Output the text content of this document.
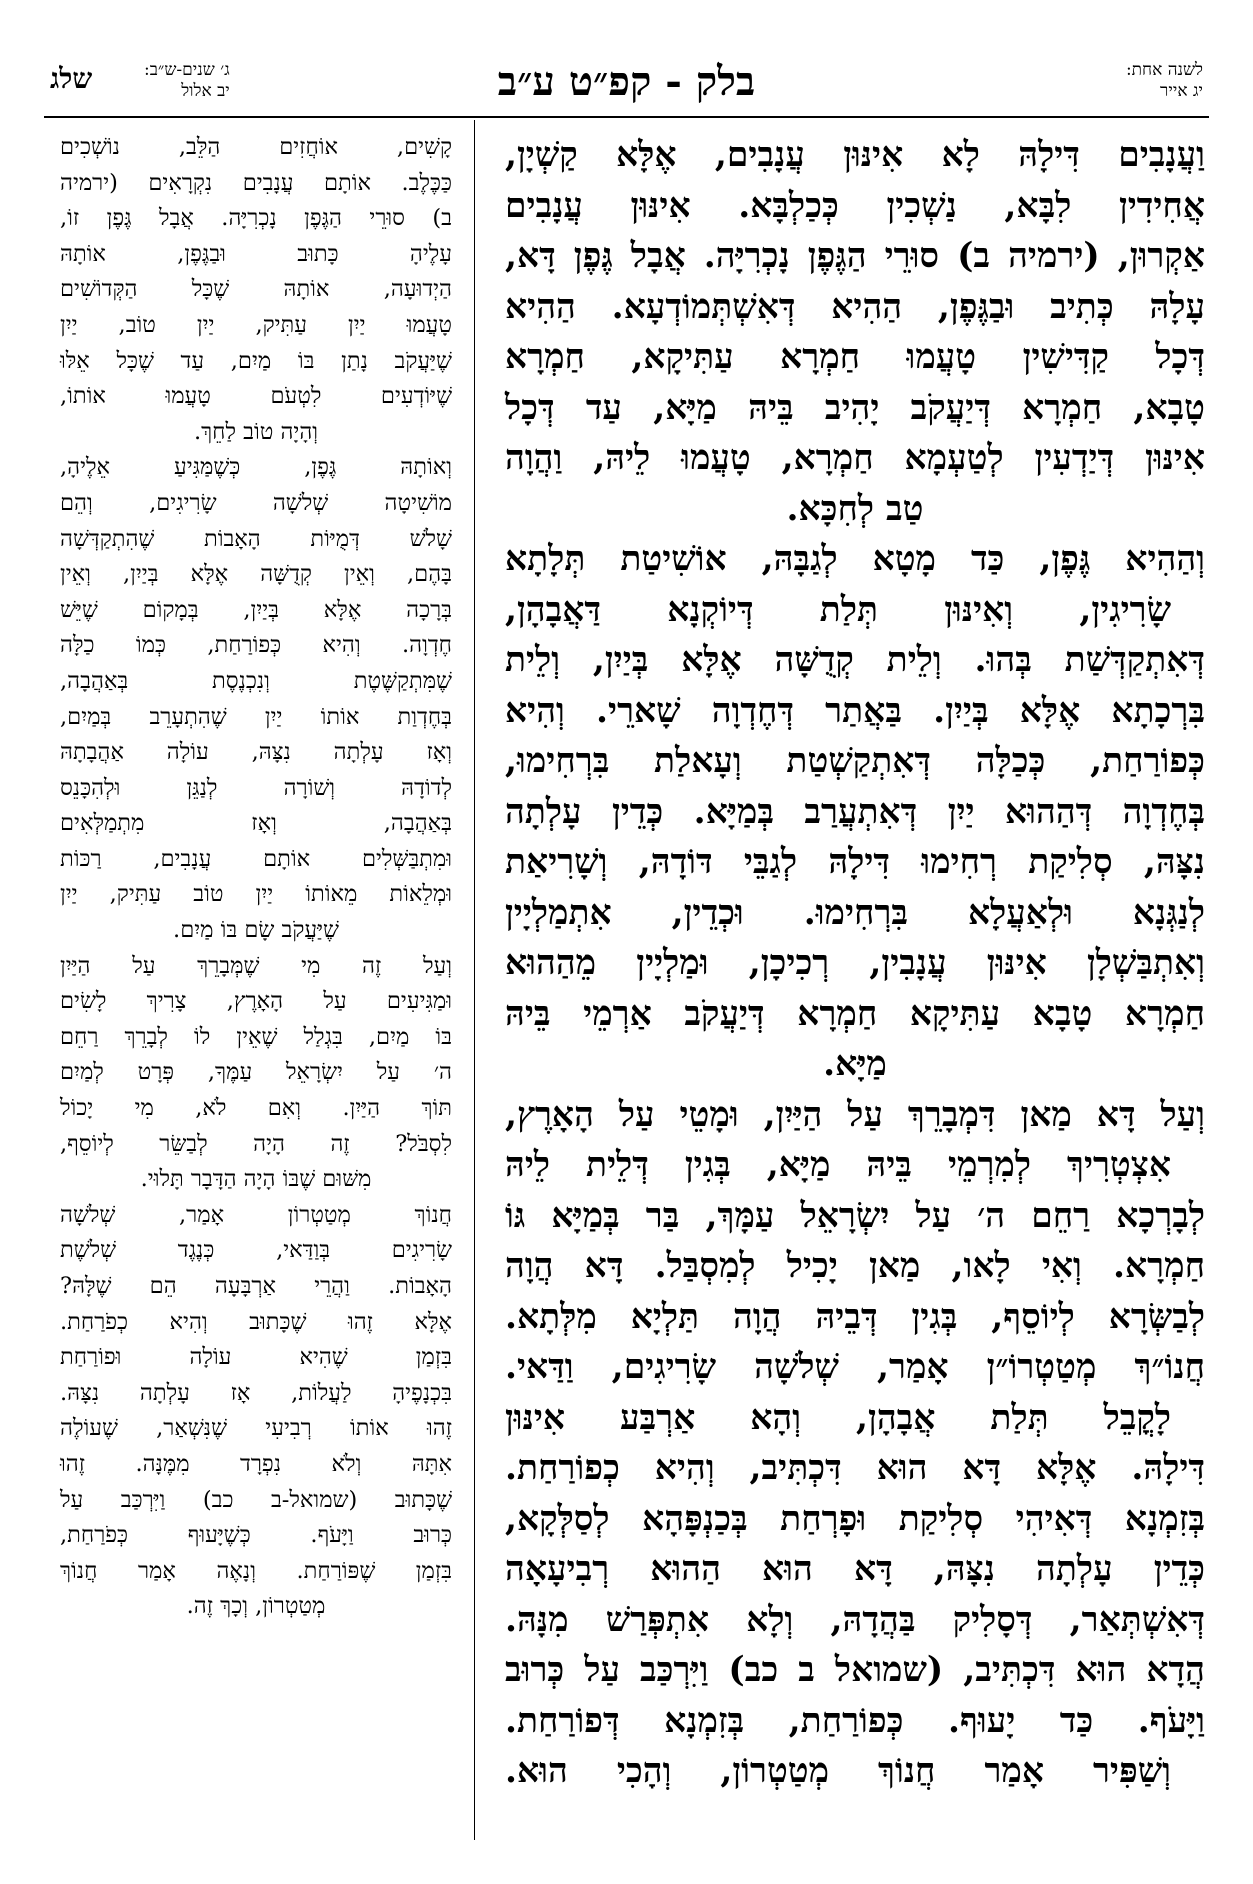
לשנה אחת:
יג אייר
בלק - קפ״ט ע״ב
ג׳ שנים-ש״ב:
יב אלול
שלג
וַעֲנָבִים דִּילָהּ לָא אִינּוּן עֲנָבִים, אֶלָּא קַשְׁיָן,
אֲחִידִין לִבָּא, נַשְׁכִין כְּכַלְבָּא. אִינּוּן עֲנָבִים
אַקְרוּן, (ירמיה ב) סוּרֵי הַגֶּפֶן נָכְרִיָּה. אֲבָל גֶּפֶן דָּא,
עָלָהּ כְּתִיב וּבַגֶּפֶן, הַהִיא דְּאִשְׁתְּמוֹדְעָא. הַהִיא
דְּכָל קַדִּישִׁין טָעֲמוּ חַמְרָא עַתִּיקָא, חַמְרָא
טָבָא, חַמְרָא דְּיַעֲקֹב יָהִיב בֵּיהּ מַיָּא, עַד דְּכָל
אִינּוּן דְּיַדְעִין לְטַעְמָא חַמְרָא, טָעֲמוּ לֵיהּ, וַהֲוָה
טַב לְחִכָּא.
וְהַהִיא גֶּפֶן, כַּד מָטָא לְגַבָּהּ, אוֹשִׁיטַת תְּלָתָא
שָׂרִיגִין, וְאִינּוּן תְּלַת דְּיוֹקְנָא דַּאֲבָהָן,
דְּאִתְקַדְּשַׁת בְּהוּ. וְלֵית קְדֻשָּׁה אֶלָּא בְּיַיִן, וְלֵית
בִּרְכָתָא אֶלָּא בְּיַיִן. בַּאֲתַר דְּחֶדְוָה שָׁארֵי. וְהִיא
כְּפוֹרַחַת, כְּכַלָּה דְּאִתְקַשְׁטַת וְעָאלַת בִּרְחִימוּ,
בְּחֶדְוָה דְּהַהוּא יַיִן דְּאִתְעֲרַב בְּמַיָּא. כְּדֵין עָלְתָה
נִצָּהּ, סְלִיקַת רְחִימוּ דִּילָהּ לְגַבֵּי דּוֹדָהּ, וְשָׁרִיאַת
לְנַגְּנָא וּלְאַעֲלָא בִּרְחִימוּ. וּכְדֵין, אִתְמַלְיָין
וְאִתְבַּשְׁלָן אִינּוּן עֲנָבִין, רְכִיכָן, וּמַלְיָין מֵהַהוּא
חַמְרָא טָבָא עַתִּיקָא חַמְרָא דְּיַעֲקֹב אַרְמֵי בֵּיהּ
מַיָּא.
וְעַל דָּא מַאן דִּמְבָרֵךְ עַל הַיַּיִן, וּמָטֵי עַל הָאָרֶץ,
אִצְטְרִיךְ לְמִרְמֵי בֵּיהּ מַיָּא, בְּגִין דְּלֵית לֵיהּ
לְבָרְכָא רַחֵם ה׳ עַל יִשְׂרָאֵל עַמָּךְ, בַּר בְּמַיָּא גּוֹ
חַמְרָא. וְאִי לָאו, מַאן יָכִיל לְמִסְבַּל. דָּא הֲוָה
לְבַשְּׂרָא לְיוֹסֵף, בְּגִין דְּבֵיהּ הֲוָה תַּלְיָא מִלְּתָא.
חֲנוֹ״ךְ מְטַטְרוֹ״ן אָמַר, שְׁלשָׁה שָׂרִיגִים, וַדַּאי.
לָקֳבֵל תְּלַת אֲבָהָן, וְהָא אַרְבַּע אִינּוּן
דִּילָהּ. אֶלָּא דָּא הוּא דִּכְתִּיב, וְהִיא כְפוֹרַחַת.
בְּזִמְנָא דְּאִיהִי סְלִיקַת וּפָרְחַת בְּכַנְפָּהָא לְסַלְּקָא,
כְּדֵין עָלְתָה נִצָּהּ, דָּא הוּא הַהוּא רְבִיעָאָה
דְּאִשְׁתְּאַר, דְּסָלִיק בַּהֲדָהּ, וְלָא אִתְפְּרַשׁ מִנָּהּ.
הֲדָא הוּא דִּכְתִּיב, (שמואל ב כב) וַיִּרְכַּב עַל כְּרוּב
וַיָּעֹף. כַּד יָעוּף. כְּפוֹרַחַת, בְּזִמְנָא דְּפוֹרַחַת.
וְשַׁפִּיר אָמַר חֲנוֹךְ מְטַטְרוֹן, וְהָכִי הוּא.
קָשִׁים, אוֹחֲזִים הַלֵּב, נוֹשְׁכִים
כַּכֶּלֶב. אוֹתָם עֲנָבִים נִקְרָאִים (ירמיה
ב) סוּרֵי הַגֶּפֶן נָכְרִיָּה. אֲבָל גֶּפֶן זוֹ,
עָלֶיהָ כָּתוּב וּבַגֶּפֶן, אוֹתָהּ
הַיְדוּעָה, אוֹתָהּ שֶׁכָּל הַקְּדוֹשִׁים
טָעֲמוּ יַיִן עַתִּיק, יַיִן טוֹב, יַיִן
שֶׁיַּעֲקֹב נָתַן בּוֹ מַיִם, עַד שֶׁכָּל אֵלּוּ
שֶׁיּוֹדְעִים לִטְעֹם טָעֲמוּ אוֹתוֹ,
וְהָיָה טוֹב לַחֵךְ.
וְאוֹתָהּ גֶּפֶן, כְּשֶׁמַּגִּיעַ אֵלֶיהָ,
מוֹשִׁיטָה שְׁלשָׁה שָׂרִיגִים, וְהֵם
שָׁלֹשׁ דְּמֻיּוֹת הָאָבוֹת שֶׁהִתְקַדְּשָׁה
בָּהֶם, וְאֵין קְדֻשָּׁה אֶלָּא בְּיַיִן, וְאֵין
בְּרָכָה אֶלָּא בְּיַיִן, בְּמָקוֹם שֶׁיֵּשׁ
חֶדְוָה. וְהִיא כְּפוֹרַחַת, כְּמוֹ כַלָּה
שֶׁמִּתְקַשֶּׁטֶת וְנִכְנֶסֶת בְּאַהֲבָה,
בְּחֶדְוַת אוֹתוֹ יַיִן שֶׁהִתְעָרֵב בְּמַיִם,
וְאָז עָלְתָה נִצָּהּ, עוֹלָה אַהֲבָתָהּ
לְדוֹדָהּ וְשׁוֹרָה לְנַגֵּן וּלְהִכָּנֵס
בְּאַהֲבָה, וְאָז מִתְמַלְּאִים
וּמִתְבַּשְּׁלִים אוֹתָם עֲנָבִים, רַכּוֹת
וּמְלֵאוֹת מֵאוֹתוֹ יַיִן טוֹב עַתִּיק, יַיִן
שֶׁיַּעֲקֹב שָׂם בּוֹ מַיִם.
וְעַל זֶה מִי שֶׁמְּבָרֵךְ עַל הַיַּיִן
וּמַגִּיעִים עַל הָאָרֶץ, צָרִיךְ לָשִׂים
בּוֹ מַיִם, בִּגְלַל שֶׁאֵין לוֹ לְבָרֵךְ רַחֵם
ה׳ עַל יִשְׂרָאֵל עַמֶּךָ, פְּרָט לְמַיִם
תּוֹךְ הַיַּיִן. וְאִם לֹא, מִי יָכוֹל
לִסְבֹּל? זֶה הָיָה לְבַשֵּׂר לְיוֹסֵף,
מִשּׁוּם שֶׁבּוֹ הָיָה הַדָּבָר תָּלוּי.
חֲנוֹךְ מְטַטְרוֹן אָמַר, שְׁלשָׁה
שָׂרִיגִים בְּוַדַּאי, כְּנֶגֶד שְׁלשֶׁת
הָאָבוֹת. וַהֲרֵי אַרְבָּעָה הֵם שֶׁלָּהּ?
אֶלָּא זֶהוּ שֶׁכָּתוּב וְהִיא כְפֹרַחַת.
בִּזְמַן שֶׁהִיא עוֹלָה וּפוֹרַחַת
בִּכְנָפֶיהָ לַעֲלוֹת, אָז עָלְתָה נִצָּהּ.
זֶהוּ אוֹתוֹ רְבִיעִי שֶׁנִּשְׁאַר, שֶׁעוֹלֶה
אִתָּהּ וְלֹא נִפְרָד מִמֶּנָּה. זֶהוּ
שֶׁכָּתוּב (שמואל-ב כב) וַיִּרְכַּב עַל
כְּרוּב וַיָּעֹף. כְּשֶׁיָּעוּף כְּפֹרַחַת,
בִּזְמַן שֶׁפּוֹרַחַת. וְנָאֶה אָמַר חֲנוֹךְ
מְטַטְרוֹן, וְכָךְ זֶה.
